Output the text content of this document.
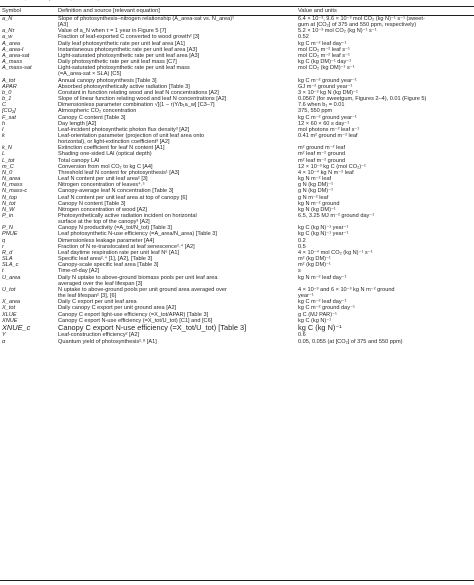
Symbol	Definition and source [relevant equation]	Value and units
a_N	Slope of photosynthesis–nitrogen relationship (A_area-sat vs. N_area)¹	6.4 × 10⁻³, 9.6 × 10⁻³ mol CO₂ (kg N)⁻¹ s⁻¹ (sweet-
	[A3]	gum at [CO₂] of 375 and 550 ppm, respectively)
a_Nτ	Value of a_N when τ = 1 year in Figure 5 [7]	5.2 × 10⁻³ mol CO₂ (kg N)⁻¹ s⁻¹
a_w	Fraction of leaf-exported C converted to wood growth² [3]	0.52
A_area	Daily leaf photosynthetic rate per unit leaf area [A1]	kg C m⁻² leaf day⁻¹
A_area-I	Instantaneous photosynthetic rate per unit leaf area [A3]	mol CO₂ m⁻² leaf s⁻¹
A_area-sat	Light-saturated photosynthetic rate per unit leaf area [A3]	mol CO₂ m⁻² leaf s⁻¹
A_mass	Daily photosynthetic rate per unit leaf mass [C7]	kg C (kg DM)⁻¹ day⁻¹
A_mass-sat	Light-saturated photosynthetic rate per unit leaf mass	mol CO₂ (kg DM)⁻¹ s⁻¹
	(=A_area-sat × SLA) [C5]	
A_tot	Annual canopy photosynthesis [Table 3]	kg C m⁻² ground year⁻¹
APAR	Absorbed photosynthetically active radiation [Table 3]	GJ m⁻² ground year⁻¹
b_0	Constant in function relating wood and leaf N concentrations [A2]	3 × 10⁻³ kg N (kg DM)⁻¹
b_1	Slope of linear function relating wood and leaf N concentrations [A2]	0.0567 (for sweetgum, Figures 2–4), 0.01 (Figure 5)
C	Dimensionless parameter combination √[(1 − r)Y/b₁a_w] [C3–7]	7.6 when b₁ = 0.01
[CO₂]	Atmospheric CO₂ concentration	375, 550 ppm
F_sat	Canopy C content [Table 3]	kg C m⁻² ground year⁻¹
h	Day length [A2]	12 × 60 × 60 s day⁻¹
I	Leaf-incident photosynthetic photon flux density³ [A2]	mol photons m⁻² leaf s⁻¹
k	Leaf-orientation parameter (projection of unit leaf area onto	0.41 m² ground m⁻² leaf
	horizontal), or light-extinction coefficient³ [A2]	
k_N	Extinction coefficient for leaf N content [A1]	m² ground m⁻² leaf
L	Shading one-sided LAI (optical depth)	m² leaf m⁻² ground
L_tot	Total canopy LAI	m² leaf m⁻² ground
m_C	Conversion from mol CO₂ to kg C [A4]	12 × 10⁻³ kg C (mol CO₂)⁻¹
N_0	Threshold leaf N content for photosynthesis¹ [A3]	4 × 10⁻⁴ kg N m⁻² leaf
N_area	Leaf N content per unit leaf area² [3]	kg N m⁻² leaf
N_mass	Nitrogen concentration of leaves⁴˒⁵	g N (kg DM)⁻¹
N_mass-c	Canopy-average leaf N concentration [Table 3]	g N (kg DM)⁻¹
N_top	Leaf N content per unit leaf area at top of canopy [6]	g N m⁻² leaf
N_tot	Canopy N content [Table 3]	kg N m⁻² ground
N_W	Nitrogen concentration of wood [A2]	kg N (kg DM)⁻¹
P_in	Photosynthetically active radiation incident on horizontal	6.5, 3.25 MJ m⁻² ground day⁻¹
	surface at the top of the canopy³ [A2]	
P_N	Canopy N productivity (=A_tot/N_tot) [Table 3]	kg C (kg N)⁻¹ year⁻¹
PNUE	Leaf photosynthetic N-use efficiency (=A_area/N_area) [Table 3]	kg C (kg N)⁻¹ year⁻¹
q	Dimensionless leakage parameter [A4]	0.2
r	Fraction of N re-translocated at leaf senescence²˒⁴ [A2]	0.5
R_d	Leaf daytime respiration rate per unit leaf N⁶ [A1]	4 × 10⁻⁴ mol CO₂ (kg N)⁻¹ s⁻¹
SLA	Specific leaf area²˒⁴ [1], [A2], [Table 3]	m² (kg DM)⁻¹
SLA_c	Canopy-scale specific leaf area [Table 3]	m² (kg DM)⁻¹
t	Time-of-day [A2]	s
U_area	Daily N uptake to above-ground biomass pools per unit leaf area	kg N m⁻² leaf day⁻¹
	averaged over the leaf lifespan [3]	
U_tot	N uptake to above-ground pools per unit ground area averaged over	4 × 10⁻³ and 6 × 10⁻³ kg N m⁻² ground
	the leaf lifespan² [3], [6]	year⁻¹
X_area	Daily C export per unit leaf area	kg C m⁻² leaf day⁻¹
X_tot	Daily canopy C export per unit ground area [A2]	kg C m⁻² ground day⁻¹
XLUE	Canopy C export light-use efficiency (=X_tot/APAR) [Table 3]	g C (MJ PAR)⁻¹
XNUE	Canopy C export N-use efficiency (=X_tot/U_tot) [C1] and [C6]	kg C (kg N)⁻¹
XNUE_c	Canopy C export N-use efficiency (=X_tot/U_tot) [Table 3]	kg C (kg N)⁻¹
Y	Leaf-construction efficiency² [A2]	0.6
α	Quantum yield of photosynthesis²˒⁸ [A1]	0.05, 0.055 (at [CO₂] of 375 and 550 ppm)
